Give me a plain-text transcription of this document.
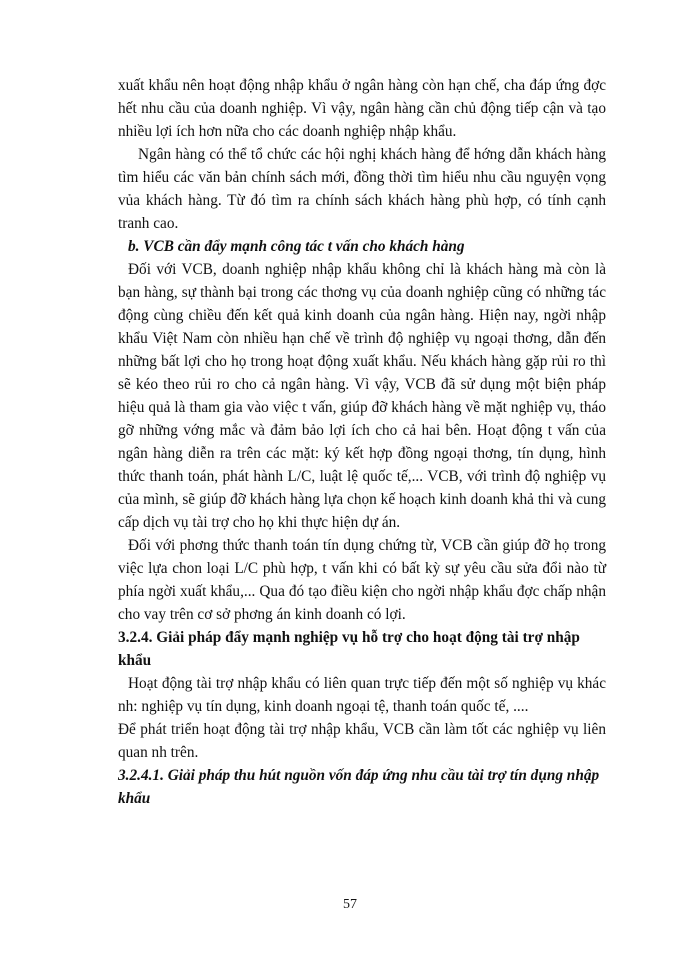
xuất khẩu nên hoạt động nhập khẩu ở ngân hàng còn hạn chế, cha đáp ứng đợc hết nhu cầu của doanh nghiệp. Vì vậy, ngân hàng cần chủ động tiếp cận và tạo nhiều lợi ích hơn nữa cho các doanh nghiệp nhập khẩu.

Ngân hàng có thể tổ chức các hội nghị khách hàng để hớng dẫn khách hàng tìm hiểu các văn bản chính sách mới, đồng thời tìm hiểu nhu cầu nguyện vọng vủa khách hàng. Từ đó tìm ra chính sách khách hàng phù hợp, có tính cạnh tranh cao.

b. VCB cần đẩy mạnh công tác t vấn cho khách hàng

Đối với VCB, doanh nghiệp nhập khẩu không chỉ là khách hàng mà còn là bạn hàng, sự thành bại trong các thơng vụ của doanh nghiệp cũng có những tác động cùng chiều đến kết quả kinh doanh của ngân hàng. Hiện nay, ngời nhập khẩu Việt Nam còn nhiều hạn chế về trình độ nghiệp vụ ngoại thơng, dẫn đến những bất lợi cho họ trong hoạt động xuất khẩu. Nếu khách hàng gặp rủi ro thì sẽ kéo theo rủi ro cho cả ngân hàng. Vì vậy, VCB đã sử dụng một biện pháp hiệu quả là tham gia vào việc t vấn, giúp đỡ khách hàng về mặt nghiệp vụ, tháo gỡ những vớng mắc và đảm bảo lợi ích cho cả hai bên. Hoạt động t vấn của ngân hàng diễn ra trên các mặt: ký kết hợp đồng ngoại thơng, tín dụng, hình thức thanh toán, phát hành L/C, luật lệ quốc tế,... VCB, với trình độ nghiệp vụ của mình, sẽ giúp đỡ khách hàng lựa chọn kế hoạch kinh doanh khả thi và cung cấp dịch vụ tài trợ cho họ khi thực hiện dự án.

Đối với phơng thức thanh toán tín dụng chứng từ, VCB cần giúp đỡ họ trong việc lựa chon loại L/C phù hợp, t vấn khi có bất kỳ sự yêu cầu sửa đổi nào từ phía ngời xuất khẩu,... Qua đó tạo điều kiện cho ngời nhập khẩu đợc chấp nhận cho vay trên cơ sở phơng án kinh doanh có lợi.

3.2.4. Giải pháp đẩy mạnh nghiệp vụ hỗ trợ cho hoạt động tài trợ nhập khẩu

Hoạt động tài trợ nhập khẩu có liên quan trực tiếp đến một số nghiệp vụ khác nh: nghiệp vụ tín dụng, kinh doanh ngoại tệ, thanh toán quốc tế, ....

Để phát triển hoạt động tài trợ nhập khẩu, VCB cần làm tốt các nghiệp vụ liên quan nh trên.

3.2.4.1. Giải pháp thu hút nguồn vốn đáp ứng nhu cầu tài trợ tín dụng nhập khẩu

57
